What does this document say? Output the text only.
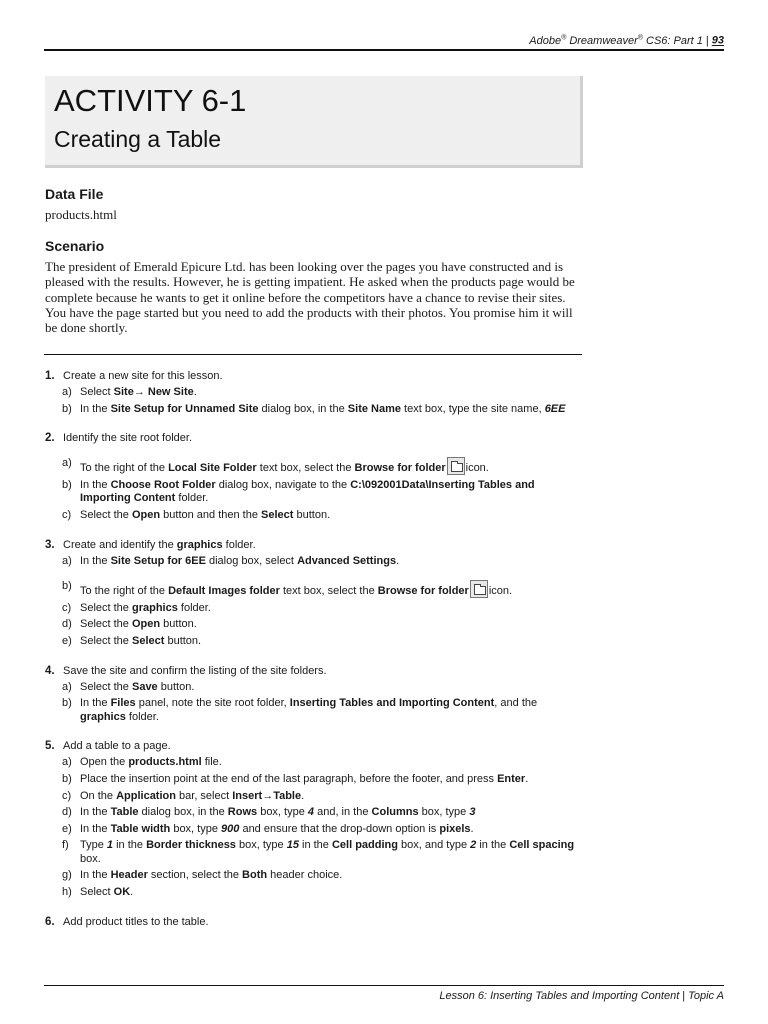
Adobe® Dreamweaver® CS6: Part 1 | 93
ACTIVITY 6-1
Creating a Table
Data File
products.html
Scenario
The president of Emerald Epicure Ltd. has been looking over the pages you have constructed and is pleased with the results. However, he is getting impatient. He asked when the products page would be complete because he wants to get it online before the competitors have a chance to revise their sites. You have the page started but you need to add the products with their photos. You promise him it will be done shortly.
1. Create a new site for this lesson.
a) Select Site→ New Site.
b) In the Site Setup for Unnamed Site dialog box, in the Site Name text box, type the site name, 6EE
2. Identify the site root folder.
a) To the right of the Local Site Folder text box, select the Browse for folder icon.
b) In the Choose Root Folder dialog box, navigate to the C:\092001Data\Inserting Tables and Importing Content folder.
c) Select the Open button and then the Select button.
3. Create and identify the graphics folder.
a) In the Site Setup for 6EE dialog box, select Advanced Settings.
b) To the right of the Default Images folder text box, select the Browse for folder icon.
c) Select the graphics folder.
d) Select the Open button.
e) Select the Select button.
4. Save the site and confirm the listing of the site folders.
a) Select the Save button.
b) In the Files panel, note the site root folder, Inserting Tables and Importing Content, and the graphics folder.
5. Add a table to a page.
a) Open the products.html file.
b) Place the insertion point at the end of the last paragraph, before the footer, and press Enter.
c) On the Application bar, select Insert→Table.
d) In the Table dialog box, in the Rows box, type 4 and, in the Columns box, type 3
e) In the Table width box, type 900 and ensure that the drop-down option is pixels.
f) Type 1 in the Border thickness box, type 15 in the Cell padding box, and type 2 in the Cell spacing box.
g) In the Header section, select the Both header choice.
h) Select OK.
6. Add product titles to the table.
Lesson 6: Inserting Tables and Importing Content | Topic A
